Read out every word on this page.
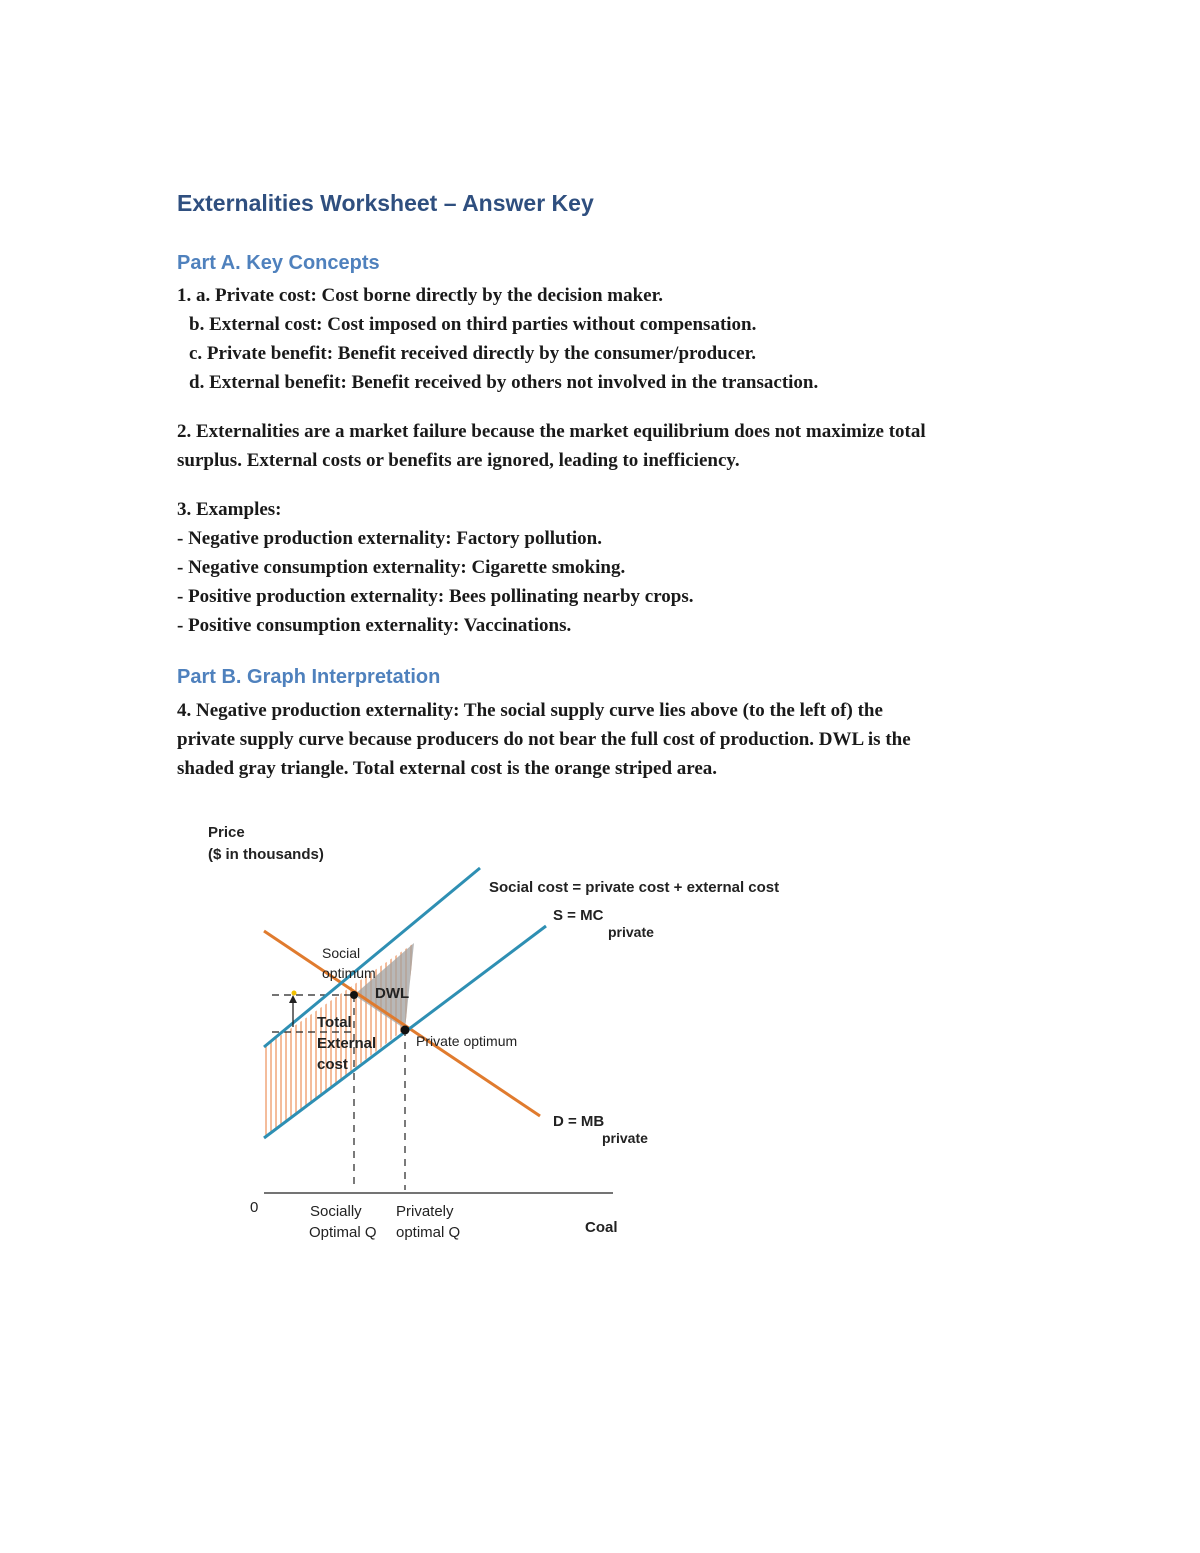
Externalities Worksheet – Answer Key
Part A. Key Concepts

1. a. Private cost: Cost borne directly by the decision maker.

b. External cost: Cost imposed on third parties without compensation.

c. Private benefit: Benefit received directly by the consumer/producer.

d. External benefit: Benefit received by others not involved in the transaction.

2. Externalities are a market failure because the market equilibrium does not maximize total

surplus. External costs or benefits are ignored, leading to inefficiency.

3. Examples:

- Negative production externality: Factory pollution.

- Negative consumption externality: Cigarette smoking.

- Positive production externality: Bees pollinating nearby crops.

- Positive consumption externality: Vaccinations.

Part B. Graph Interpretation

4. Negative production externality: The social supply curve lies above (to the left of) the

private supply curve because producers do not bear the full cost of production. DWL is the

shaded gray triangle. Total external cost is the orange striped area.

Price
($ in thousands)
Social cost = private cost + external cost
S = MC
private
D = MB
private
Social
optimum
DWL
Total
External
cost
Private optimum
0	Socially
Optimal Q
Privately
optimal Q	Coal
